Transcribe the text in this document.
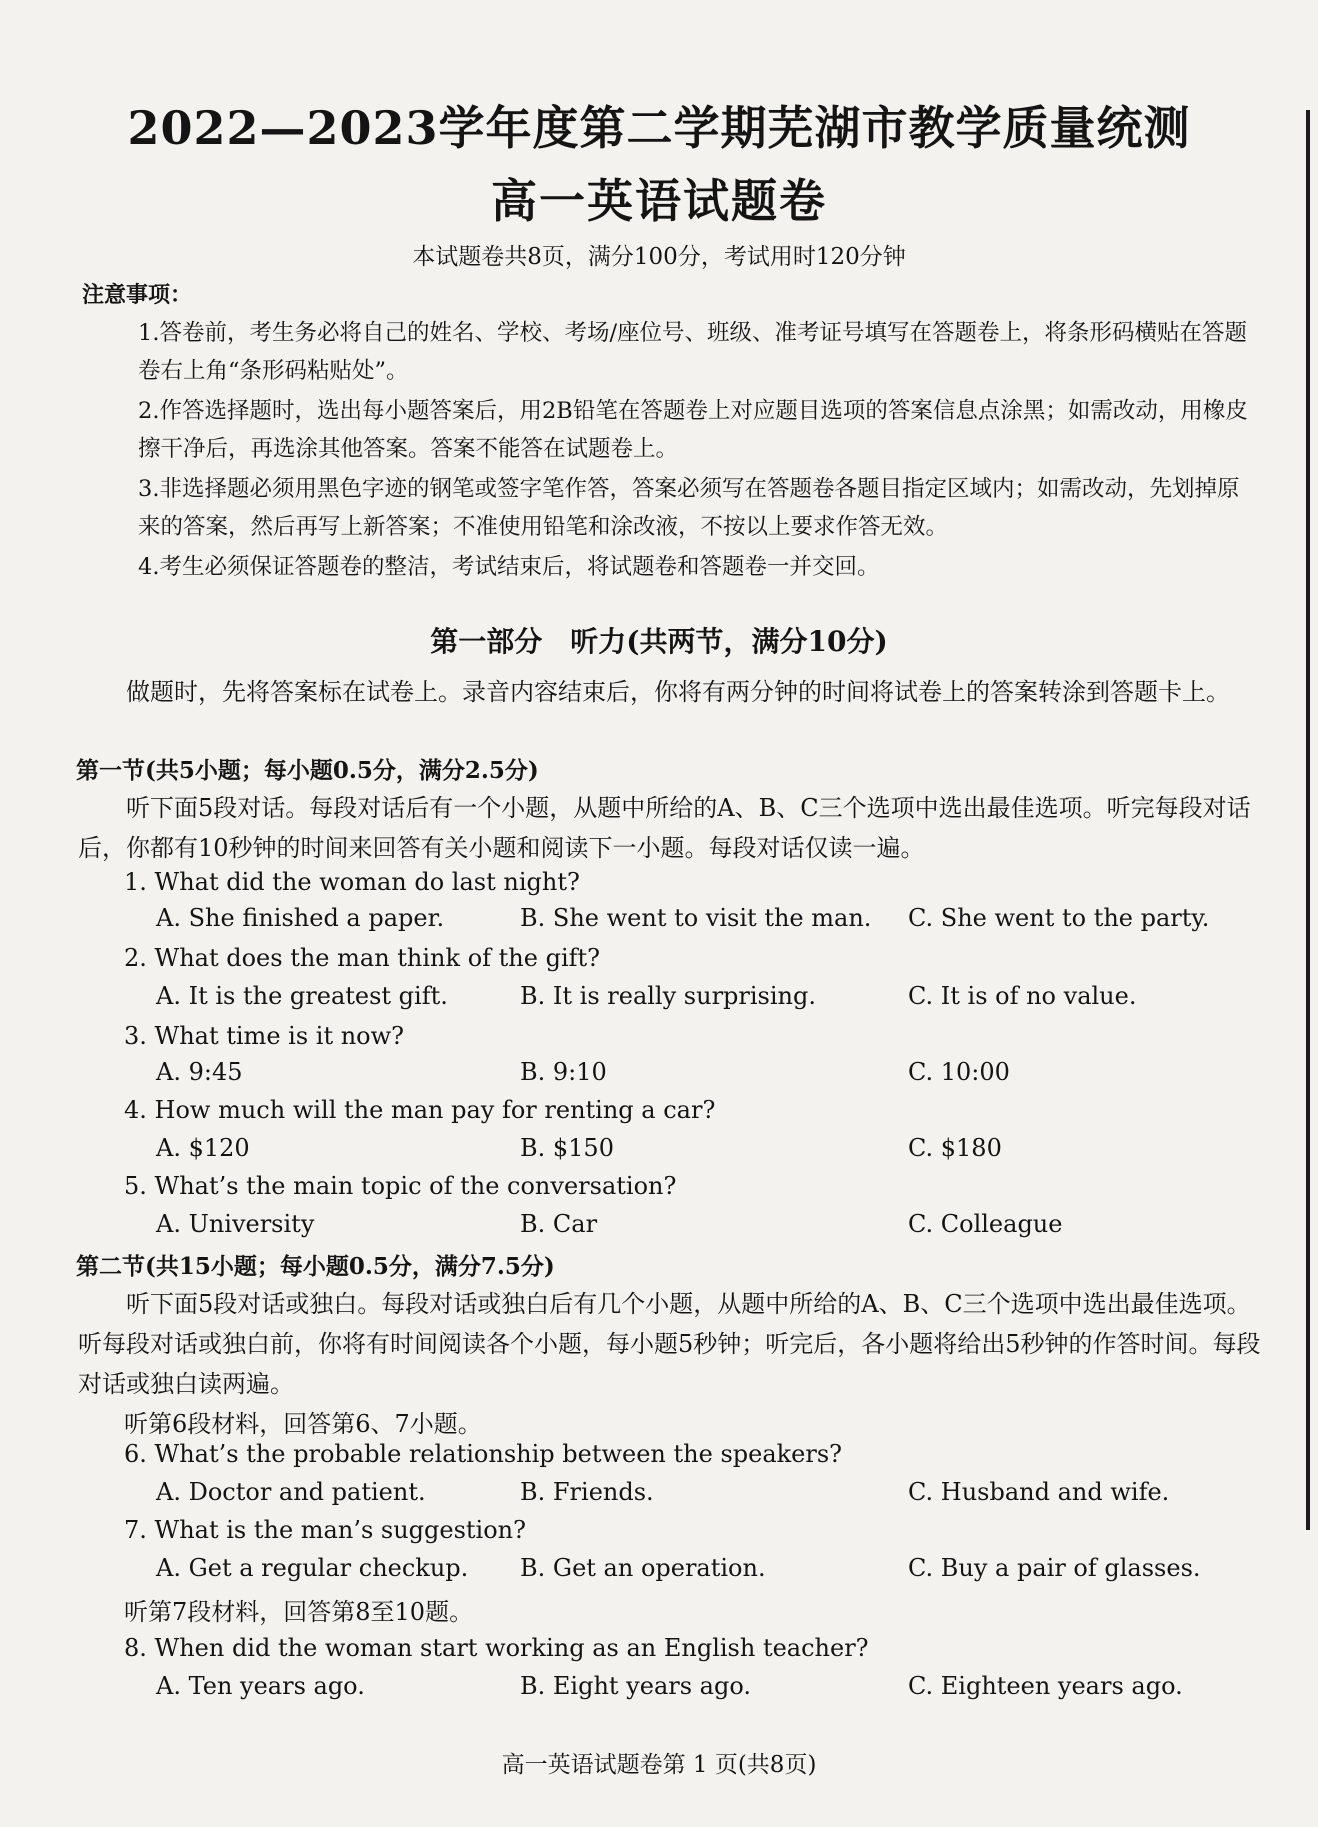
2022—2023学年度第二学期芜湖市教学质量统测
高一英语试题卷
本试题卷共8页，满分100分，考试用时120分钟
注意事项：
1.答卷前，考生务必将自己的姓名、学校、考场/座位号、班级、准考证号填写在答题卷上，将条形码横贴在答题卷右上角“条形码粘贴处”。
2.作答选择题时，选出每小题答案后，用2B铅笔在答题卷上对应题目选项的答案信息点涂黑；如需改动，用橡皮擦干净后，再选涂其他答案。答案不能答在试题卷上。
3.非选择题必须用黑色字迹的钢笔或签字笔作答，答案必须写在答题卷各题目指定区域内；如需改动，先划掉原来的答案，然后再写上新答案；不准使用铅笔和涂改液，不按以上要求作答无效。
4.考生必须保证答题卷的整洁，考试结束后，将试题卷和答题卷一并交回。
第一部分　听力(共两节，满分10分)
做题时，先将答案标在试卷上。录音内容结束后，你将有两分钟的时间将试卷上的答案转涂到答题卡上。
第一节(共5小题；每小题0.5分，满分2.5分)
听下面5段对话。每段对话后有一个小题，从题中所给的A、B、C三个选项中选出最佳选项。听完每段对话后，你都有10秒钟的时间来回答有关小题和阅读下一小题。每段对话仅读一遍。
1. What did the woman do last night?
A. She finished a paper.	B. She went to visit the man. C. She went to the party.
2. What does the man think of the gift?
A. It is the greatest gift.	B. It is really surprising.	C. It is of no value.
3. What time is it now?
A. 9:45	B. 9:10	C. 10:00
4. How much will the man pay for renting a car?
A. $120	B. $150	C. $180
5. What’s the main topic of the conversation?
A. University	B. Car	C. Colleague
第二节(共15小题；每小题0.5分，满分7.5分)
听下面5段对话或独白。每段对话或独白后有几个小题，从题中所给的A、B、C三个选项中选出最佳选项。听每段对话或独白前，你将有时间阅读各个小题，每小题5秒钟；听完后，各小题将给出5秒钟的作答时间。每段对话或独白读两遍。
听第6段材料，回答第6、7小题。
6. What’s the probable relationship between the speakers?
A. Doctor and patient.	B. Friends.	C. Husband and wife.
7. What is the man’s suggestion?
A. Get a regular checkup. B. Get an operation.	C. Buy a pair of glasses.
听第7段材料，回答第8至10题。
8. When did the woman start working as an English teacher?
A. Ten years ago.	B. Eight years ago.	C. Eighteen years ago.
高一英语试题卷第 1 页(共8页)
